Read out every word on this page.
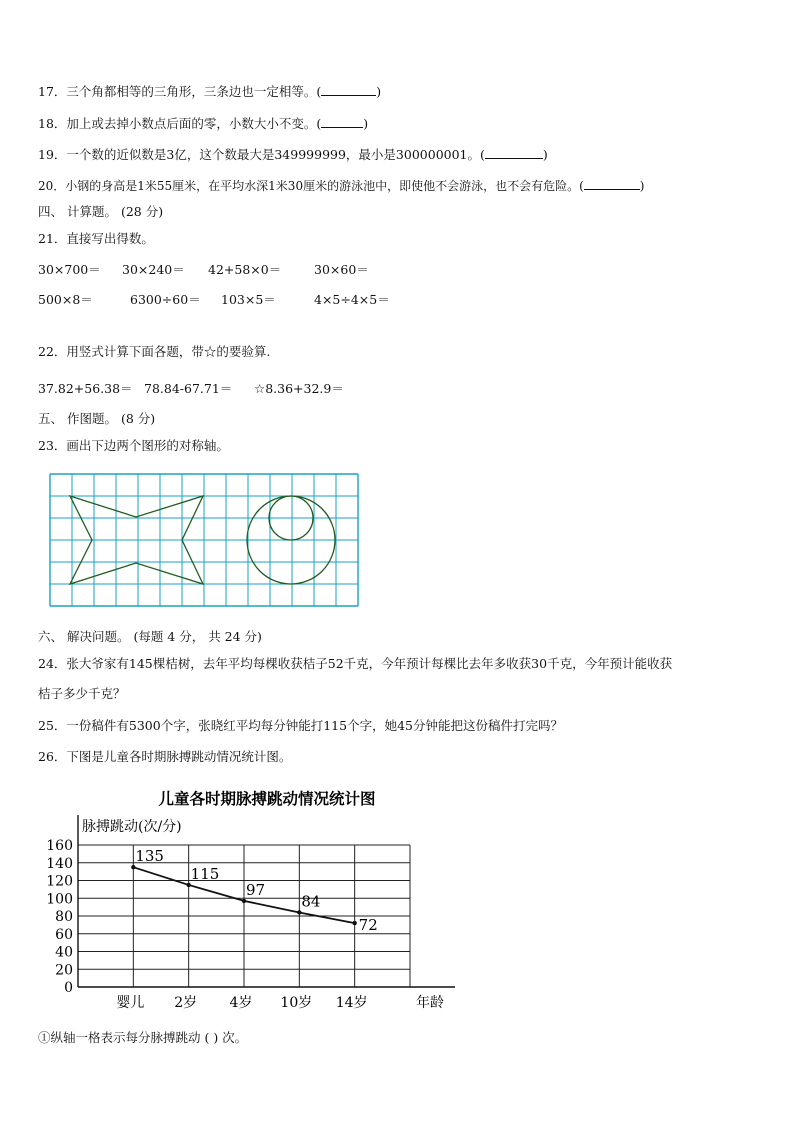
17．三个角都相等的三角形，三条边也一定相等。(	)
18．加上或去掉小数点后面的零，小数大小不变。(	)
19．一个数的近似数是3亿，这个数最大是349999999，最小是300000001。(	)
20．小钢的身高是1米55厘米，在平均水深1米30厘米的游泳池中，即使他不会游泳，也不会有危险。(	)
四、 计算题。 (28 分)
21．直接写出得数。
30×700＝ 30×240＝ 42+58×0＝	30×60＝
500×8＝	6300÷60＝ 103×5＝	4×5÷4×5＝
22．用竖式计算下面各题，带☆的要验算.
37.82+56.38＝ 78.84-67.71＝ ☆8.36+32.9＝
五、 作图题。 (8 分)
23．画出下边两个图形的对称轴。
六、 解决问题。 (每题 4 分， 共 24 分)
24．张大爷家有145棵桔树，去年平均每棵收获桔子52千克，今年预计每棵比去年多收获30千克，今年预计能收获
桔子多少千克？
25．一份稿件有5300个字，张晓红平均每分钟能打115个字，她45分钟能把这份稿件打完吗？
26．下图是儿童各时期脉搏跳动情况统计图。
儿童各时期脉搏跳动情况统计图
脉搏跳动(次/分)
0
20
40
60
80
100
120
140
160
婴儿 2岁 4岁 10岁 14岁
135
115
97
84
72
年龄
①纵轴一格表示每分脉搏跳动 ( ) 次。
